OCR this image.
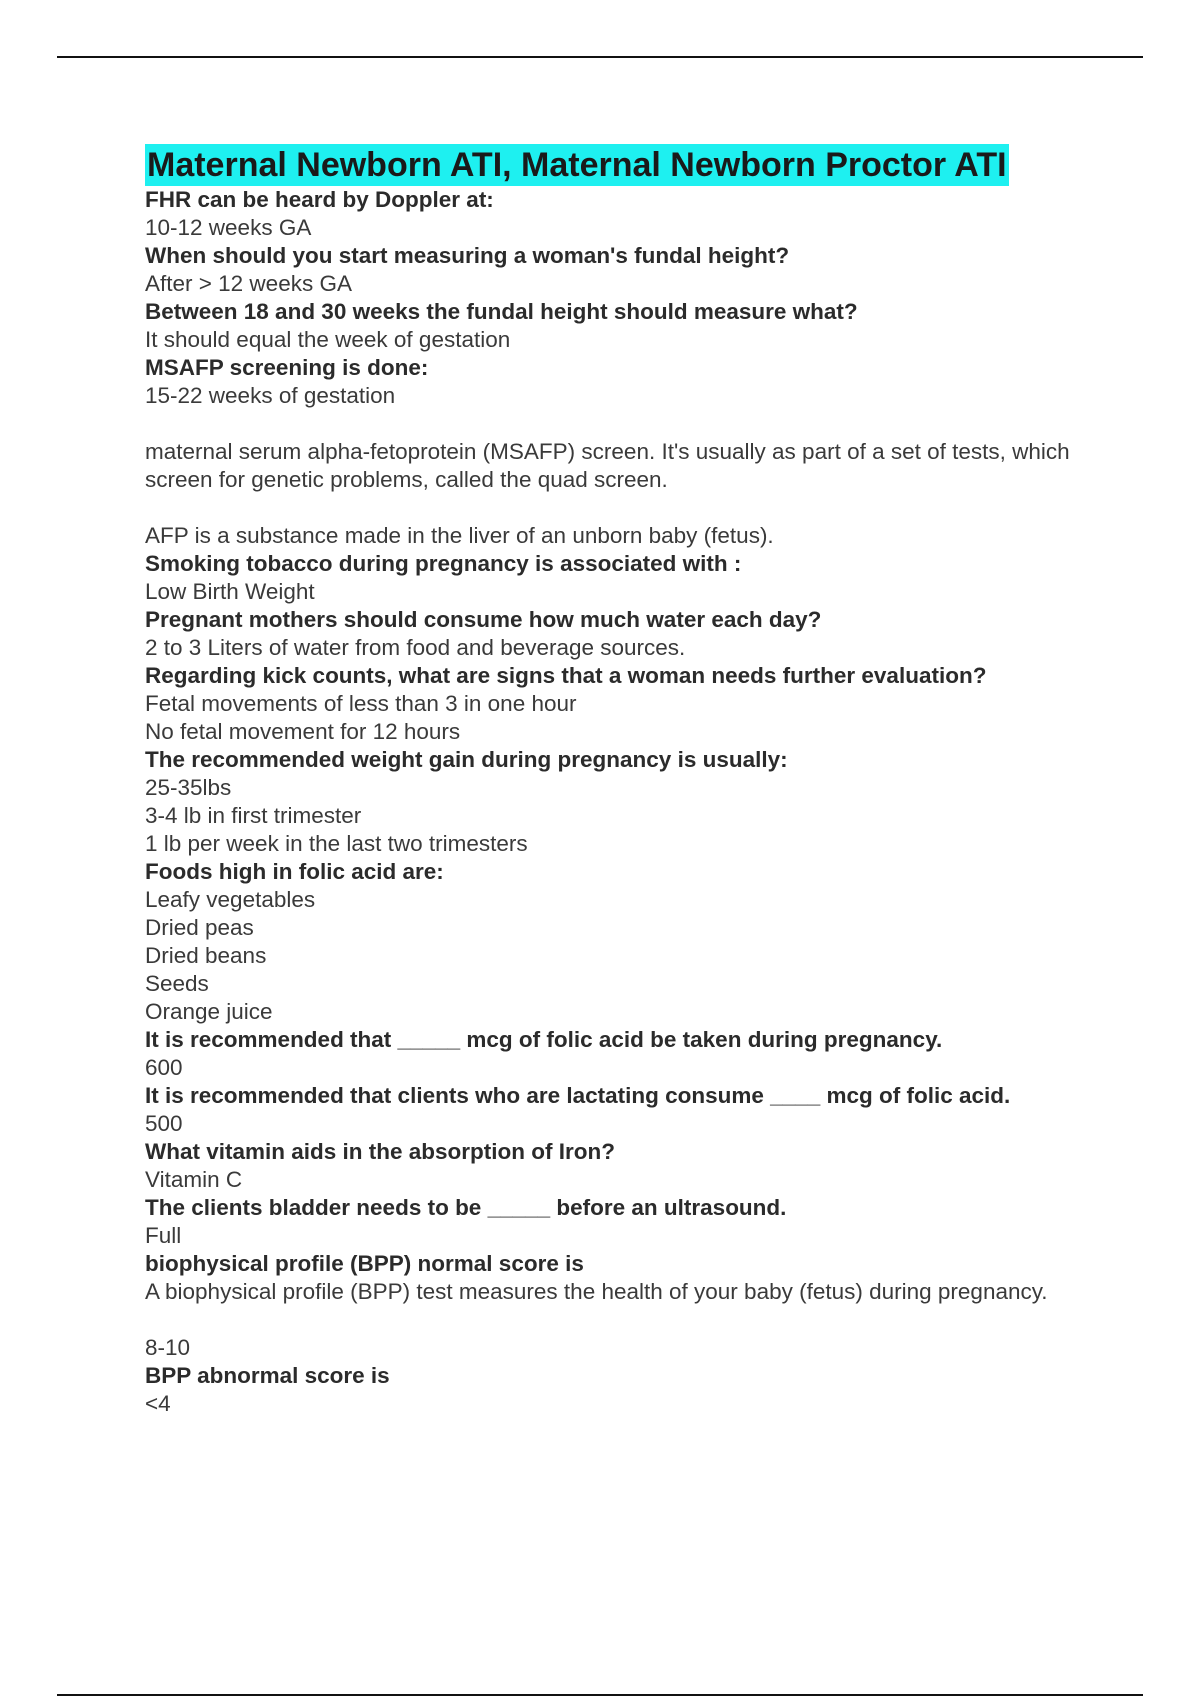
Maternal Newborn ATI, Maternal Newborn Proctor ATI
FHR can be heard by Doppler at:
10-12 weeks GA
When should you start measuring a woman's fundal height?
After > 12 weeks GA
Between 18 and 30 weeks the fundal height should measure what?
It should equal the week of gestation
MSAFP screening is done:
15-22 weeks of gestation

maternal serum alpha-fetoprotein (MSAFP) screen. It's usually as part of a set of tests, which screen for genetic problems, called the quad screen.

AFP is a substance made in the liver of an unborn baby (fetus).
Smoking tobacco during pregnancy is associated with :
Low Birth Weight
Pregnant mothers should consume how much water each day?
2 to 3 Liters of water from food and beverage sources.
Regarding kick counts, what are signs that a woman needs further evaluation?
Fetal movements of less than 3 in one hour
No fetal movement for 12 hours
The recommended weight gain during pregnancy is usually:
25-35lbs
3-4 lb in first trimester
1 lb per week in the last two trimesters
Foods high in folic acid are:
Leafy vegetables
Dried peas
Dried beans
Seeds
Orange juice
It is recommended that _____ mcg of folic acid be taken during pregnancy.
600
It is recommended that clients who are lactating consume ____ mcg of folic acid.
500
What vitamin aids in the absorption of Iron?
Vitamin C
The clients bladder needs to be _____ before an ultrasound.
Full
biophysical profile (BPP) normal score is
A biophysical profile (BPP) test measures the health of your baby (fetus) during pregnancy.

8-10
BPP abnormal score is
<4
